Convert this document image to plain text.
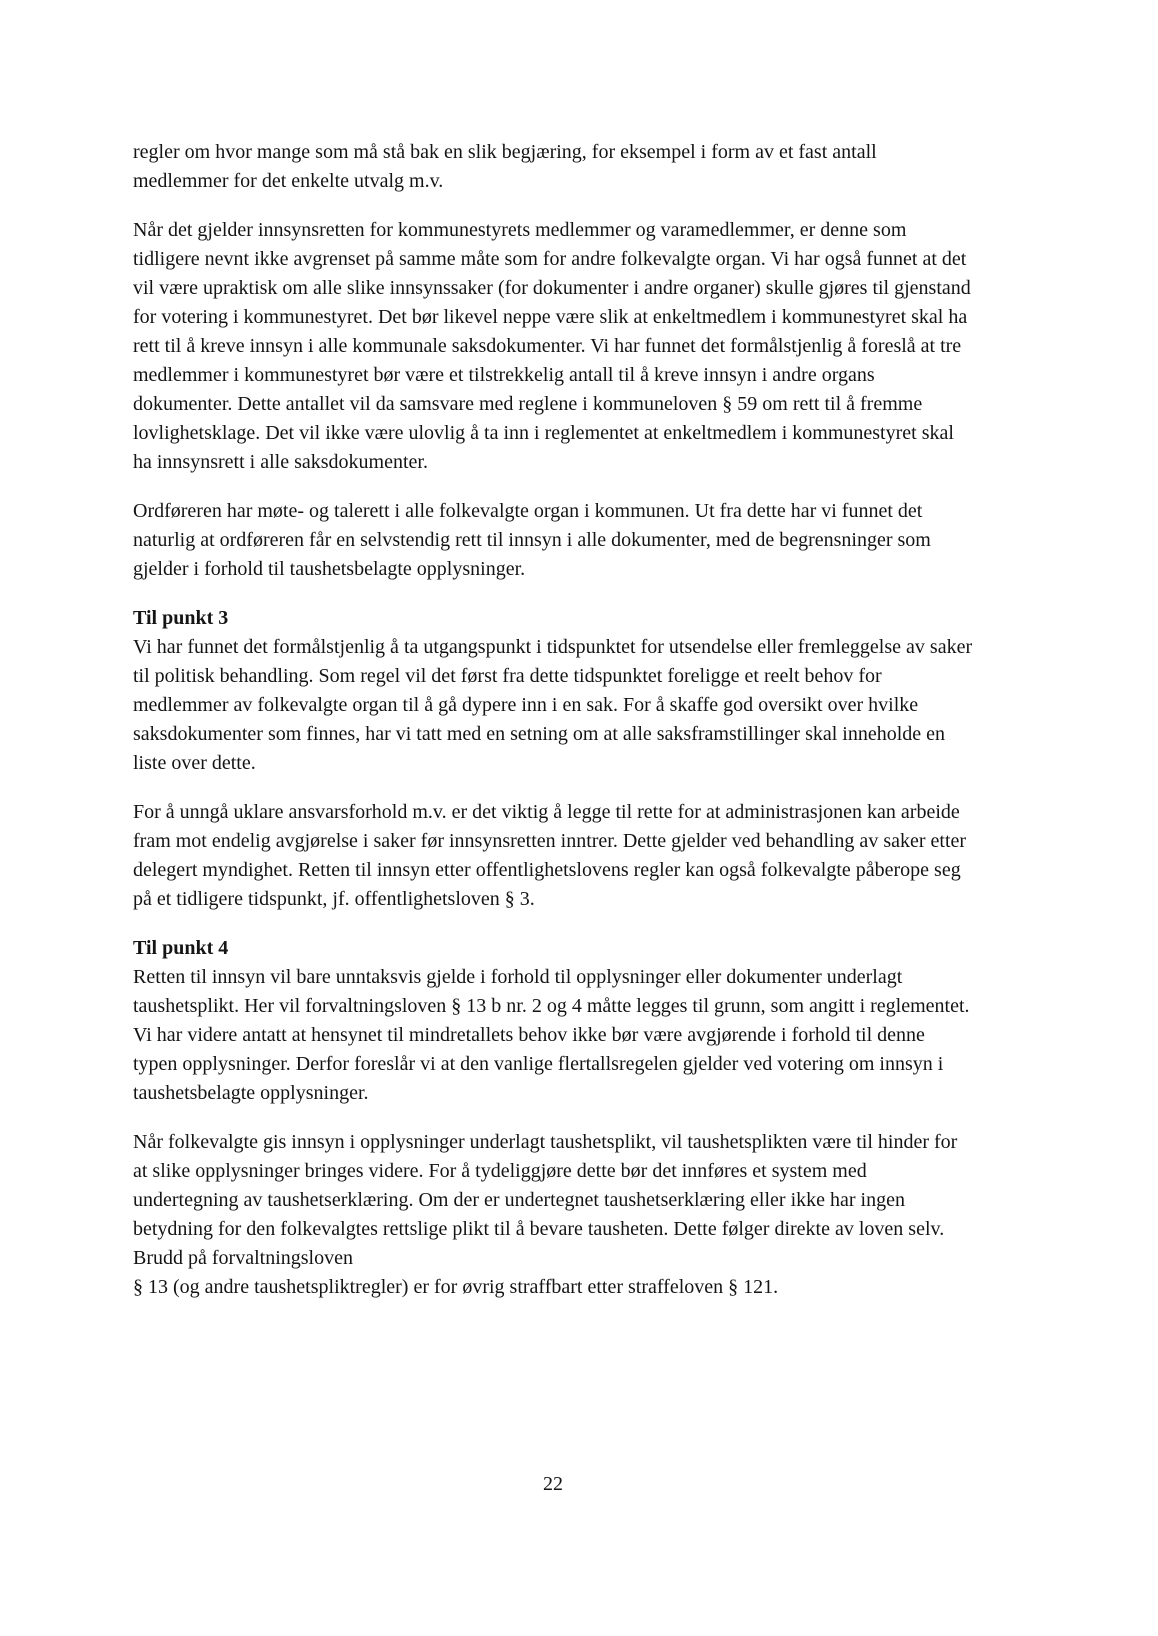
regler om hvor mange som må stå bak en slik begjæring, for eksempel i form av et fast antall medlemmer for det enkelte utvalg m.v.

Når det gjelder innsynsretten for kommunestyrets medlemmer og varamedlemmer, er denne som tidligere nevnt ikke avgrenset på samme måte som for andre folkevalgte organ. Vi har også funnet at det vil være upraktisk om alle slike innsynssaker (for dokumenter i andre organer) skulle gjøres til gjenstand for votering i kommunestyret. Det bør likevel neppe være slik at enkeltmedlem i kommunestyret skal ha rett til å kreve innsyn i alle kommunale saksdokumenter. Vi har funnet det formålstjenlig å foreslå at tre medlemmer i kommunestyret bør være et tilstrekkelig antall til å kreve innsyn i andre organs dokumenter. Dette antallet vil da samsvare med reglene i kommuneloven § 59 om rett til å fremme lovlighetsklage. Det vil ikke være ulovlig å ta inn i reglementet at enkeltmedlem i kommunestyret skal ha innsynsrett i alle saksdokumenter.

Ordføreren har møte- og talerett i alle folkevalgte organ i kommunen. Ut fra dette har vi funnet det naturlig at ordføreren får en selvstendig rett til innsyn i alle dokumenter, med de begrensninger som gjelder i forhold til taushetsbelagte opplysninger.

Til punkt 3

Vi har funnet det formålstjenlig å ta utgangspunkt i tidspunktet for utsendelse eller fremleggelse av saker til politisk behandling. Som regel vil det først fra dette tidspunktet foreligge et reelt behov for medlemmer av folkevalgte organ til å gå dypere inn i en sak. For å skaffe god oversikt over hvilke saksdokumenter som finnes, har vi tatt med en setning om at alle saksframstillinger skal inneholde en liste over dette.

For å unngå uklare ansvarsforhold m.v. er det viktig å legge til rette for at administrasjonen kan arbeide fram mot endelig avgjørelse i saker før innsynsretten inntrer. Dette gjelder ved behandling av saker etter delegert myndighet. Retten til innsyn etter offentlighetslovens regler kan også folkevalgte påberope seg på et tidligere tidspunkt, jf. offentlighetsloven § 3.

Til punkt 4

Retten til innsyn vil bare unntaksvis gjelde i forhold til opplysninger eller dokumenter underlagt taushetsplikt. Her vil forvaltningsloven § 13 b nr. 2 og 4 måtte legges til grunn, som angitt i reglementet. Vi har videre antatt at hensynet til mindretallets behov ikke bør være avgjørende i forhold til denne typen opplysninger. Derfor foreslår vi at den vanlige flertallsregelen gjelder ved votering om innsyn i taushetsbelagte opplysninger.

Når folkevalgte gis innsyn i opplysninger underlagt taushetsplikt, vil taushetsplikten være til hinder for at slike opplysninger bringes videre. For å tydeliggjøre dette bør det innføres et system med undertegning av taushetserklæring. Om der er undertegnet taushetserklæring eller ikke har ingen betydning for den folkevalgtes rettslige plikt til å bevare tausheten. Dette følger direkte av loven selv. Brudd på forvaltningsloven
§ 13 (og andre taushetspliktregler) er for øvrig straffbart etter straffeloven § 121.

22
